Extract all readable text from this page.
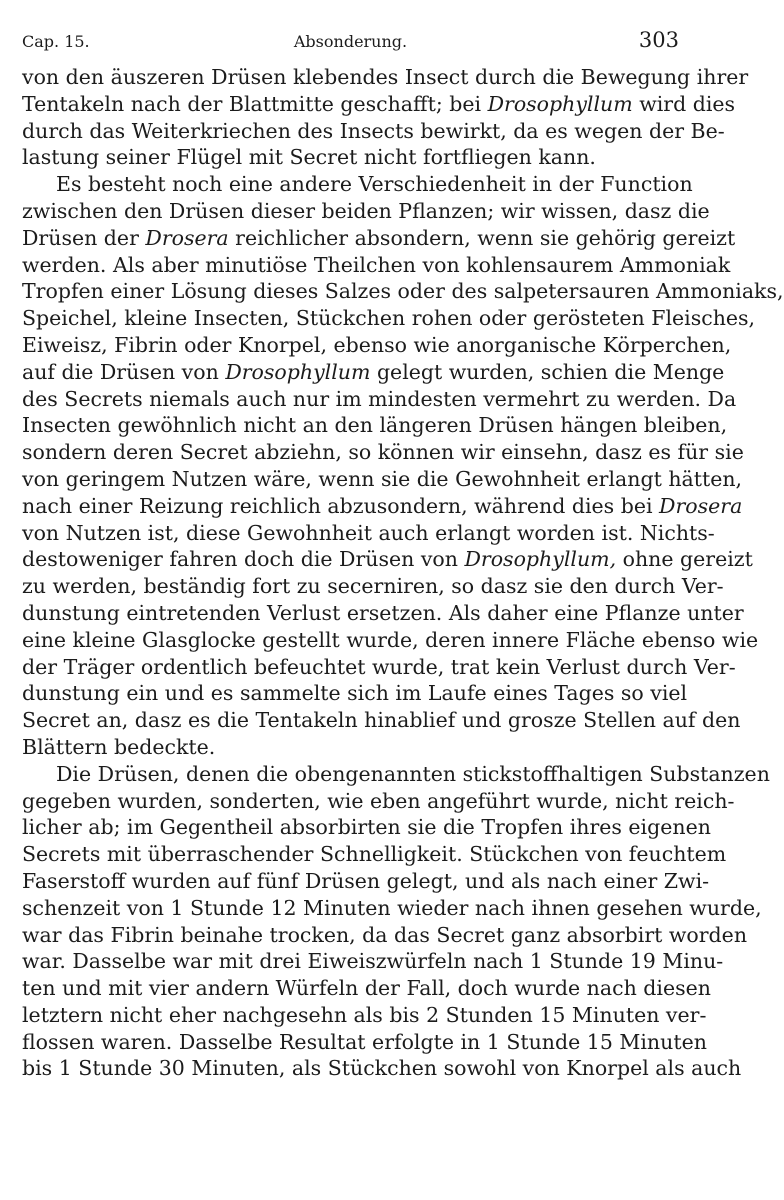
Cap. 15.	Absonderung.	303
von den äuszeren Drüsen klebendes Insect durch die Bewegung ihrer
Tentakeln nach der Blattmitte geschafft; bei Drosophyllum wird dies
durch das Weiterkriechen des Insects bewirkt, da es wegen der Be-
lastung seiner Flügel mit Secret nicht fortfliegen kann.
Es besteht noch eine andere Verschiedenheit in der Function
zwischen den Drüsen dieser beiden Pflanzen; wir wissen, dasz die
Drüsen der Drosera reichlicher absondern, wenn sie gehörig gereizt
werden. Als aber minutiöse Theilchen von kohlensaurem Ammoniak
Tropfen einer Lösung dieses Salzes oder des salpetersauren Ammoniaks,
Speichel, kleine Insecten, Stückchen rohen oder gerösteten Fleisches,
Eiweisz, Fibrin oder Knorpel, ebenso wie anorganische Körperchen,
auf die Drüsen von Drosophyllum gelegt wurden, schien die Menge
des Secrets niemals auch nur im mindesten vermehrt zu werden. Da
Insecten gewöhnlich nicht an den längeren Drüsen hängen bleiben,
sondern deren Secret abziehn, so können wir einsehn, dasz es für sie
von geringem Nutzen wäre, wenn sie die Gewohnheit erlangt hätten,
nach einer Reizung reichlich abzusondern, während dies bei Drosera
von Nutzen ist, diese Gewohnheit auch erlangt worden ist. Nichts-
destoweniger fahren doch die Drüsen von Drosophyllum, ohne gereizt
zu werden, beständig fort zu secerniren, so dasz sie den durch Ver-
dunstung eintretenden Verlust ersetzen. Als daher eine Pflanze unter
eine kleine Glasglocke gestellt wurde, deren innere Fläche ebenso wie
der Träger ordentlich befeuchtet wurde, trat kein Verlust durch Ver-
dunstung ein und es sammelte sich im Laufe eines Tages so viel
Secret an, dasz es die Tentakeln hinablief und grosze Stellen auf den
Blättern bedeckte.
Die Drüsen, denen die obengenannten stickstoffhaltigen Substanzen
gegeben wurden, sonderten, wie eben angeführt wurde, nicht reich-
licher ab; im Gegentheil absorbirten sie die Tropfen ihres eigenen
Secrets mit überraschender Schnelligkeit. Stückchen von feuchtem
Faserstoff wurden auf fünf Drüsen gelegt, und als nach einer Zwi-
schenzeit von 1 Stunde 12 Minuten wieder nach ihnen gesehen wurde,
war das Fibrin beinahe trocken, da das Secret ganz absorbirt worden
war. Dasselbe war mit drei Eiweiszwürfeln nach 1 Stunde 19 Minu-
ten und mit vier andern Würfeln der Fall, doch wurde nach diesen
letztern nicht eher nachgesehn als bis 2 Stunden 15 Minuten ver-
flossen waren. Dasselbe Resultat erfolgte in 1 Stunde 15 Minuten
bis 1 Stunde 30 Minuten, als Stückchen sowohl von Knorpel als auch
